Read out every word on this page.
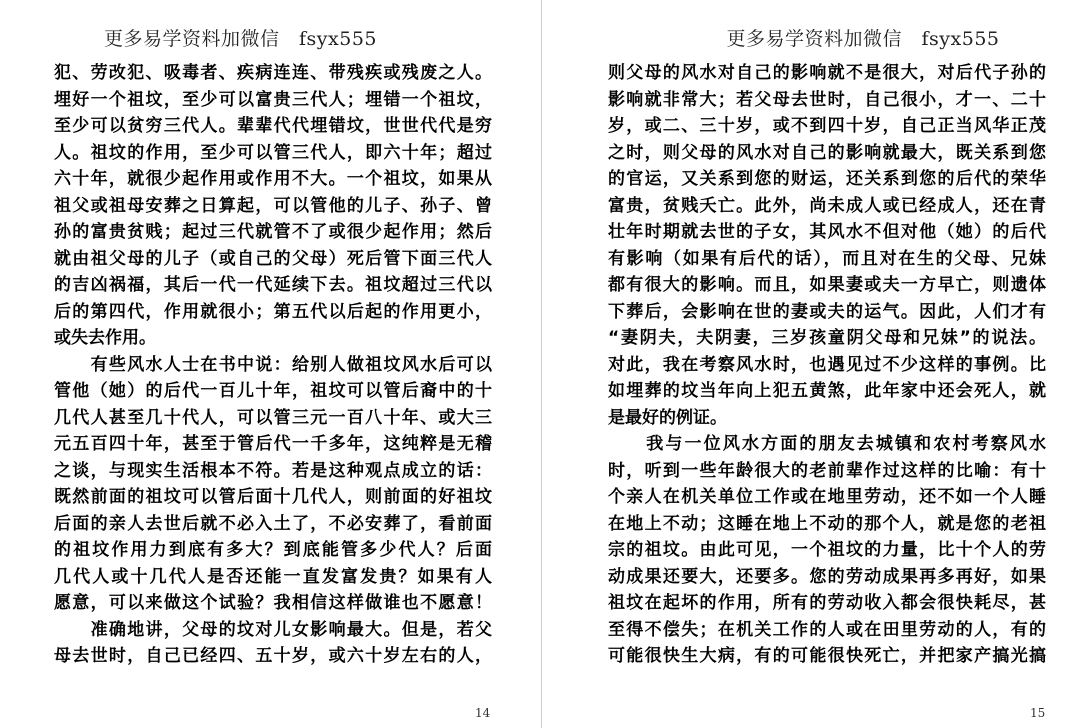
更多易学资料加微信　fsyx555
犯、劳改犯、吸毒者、疾病连连、带残疾或残废之人。
埋好一个祖坟，至少可以富贵三代人；埋错一个祖坟，
至少可以贫穷三代人。辈辈代代埋错坟，世世代代是穷
人。祖坟的作用，至少可以管三代人，即六十年；超过
六十年，就很少起作用或作用不大。一个祖坟，如果从
祖父或祖母安葬之日算起，可以管他的儿子、孙子、曾
孙的富贵贫贱；起过三代就管不了或很少起作用；然后
就由祖父母的儿子（或自己的父母）死后管下面三代人
的吉凶祸福，其后一代一代延续下去。祖坟超过三代以
后的第四代，作用就很小；第五代以后起的作用更小，
或失去作用。
　　有些风水人士在书中说：给别人做祖坟风水后可以
管他（她）的后代一百儿十年，祖坟可以管后裔中的十
几代人甚至几十代人，可以管三元一百八十年、或大三
元五百四十年，甚至于管后代一千多年，这纯粹是无稽
之谈，与现实生活根本不符。若是这种观点成立的话：
既然前面的祖坟可以管后面十几代人，则前面的好祖坟
后面的亲人去世后就不必入土了，不必安葬了，看前面
的祖坟作用力到底有多大？到底能管多少代人？后面
几代人或十几代人是否还能一直发富发贵？如果有人
愿意，可以来做这个试验？我相信这样做谁也不愿意！
　　准确地讲，父母的坟对儿女影响最大。但是，若父
母去世时，自己已经四、五十岁，或六十岁左右的人，
14
更多易学资料加微信　fsyx555
则父母的风水对自己的影响就不是很大，对后代子孙的
影响就非常大；若父母去世时，自己很小，才一、二十
岁，或二、三十岁，或不到四十岁，自己正当风华正茂
之时，则父母的风水对自己的影响就最大，既关系到您
的官运，又关系到您的财运，还关系到您的后代的荣华
富贵，贫贱夭亡。此外，尚未成人或已经成人，还在青
壮年时期就去世的子女，其风水不但对他（她）的后代
有影响（如果有后代的话），而且对在生的父母、兄妹
都有很大的影响。而且，如果妻或夫一方早亡，则遗体
下葬后，会影响在世的妻或夫的运气。因此，人们才有
“妻阴夫，夫阴妻，三岁孩童阴父母和兄妹”的说法。
对此，我在考察风水时，也遇见过不少这样的事例。比
如埋葬的坟当年向上犯五黄煞，此年家中还会死人，就
是最好的例证。
　　我与一位风水方面的朋友去城镇和农村考察风水
时，听到一些年龄很大的老前辈作过这样的比喻：有十
个亲人在机关单位工作或在地里劳动，还不如一个人睡
在地上不动；这睡在地上不动的那个人，就是您的老祖
宗的祖坟。由此可见，一个祖坟的力量，比十个人的劳
动成果还要大，还要多。您的劳动成果再多再好，如果
祖坟在起坏的作用，所有的劳动收入都会很快耗尽，甚
至得不偿失；在机关工作的人或在田里劳动的人，有的
可能很快生大病，有的可能很快死亡，并把家产搞光搞
15
